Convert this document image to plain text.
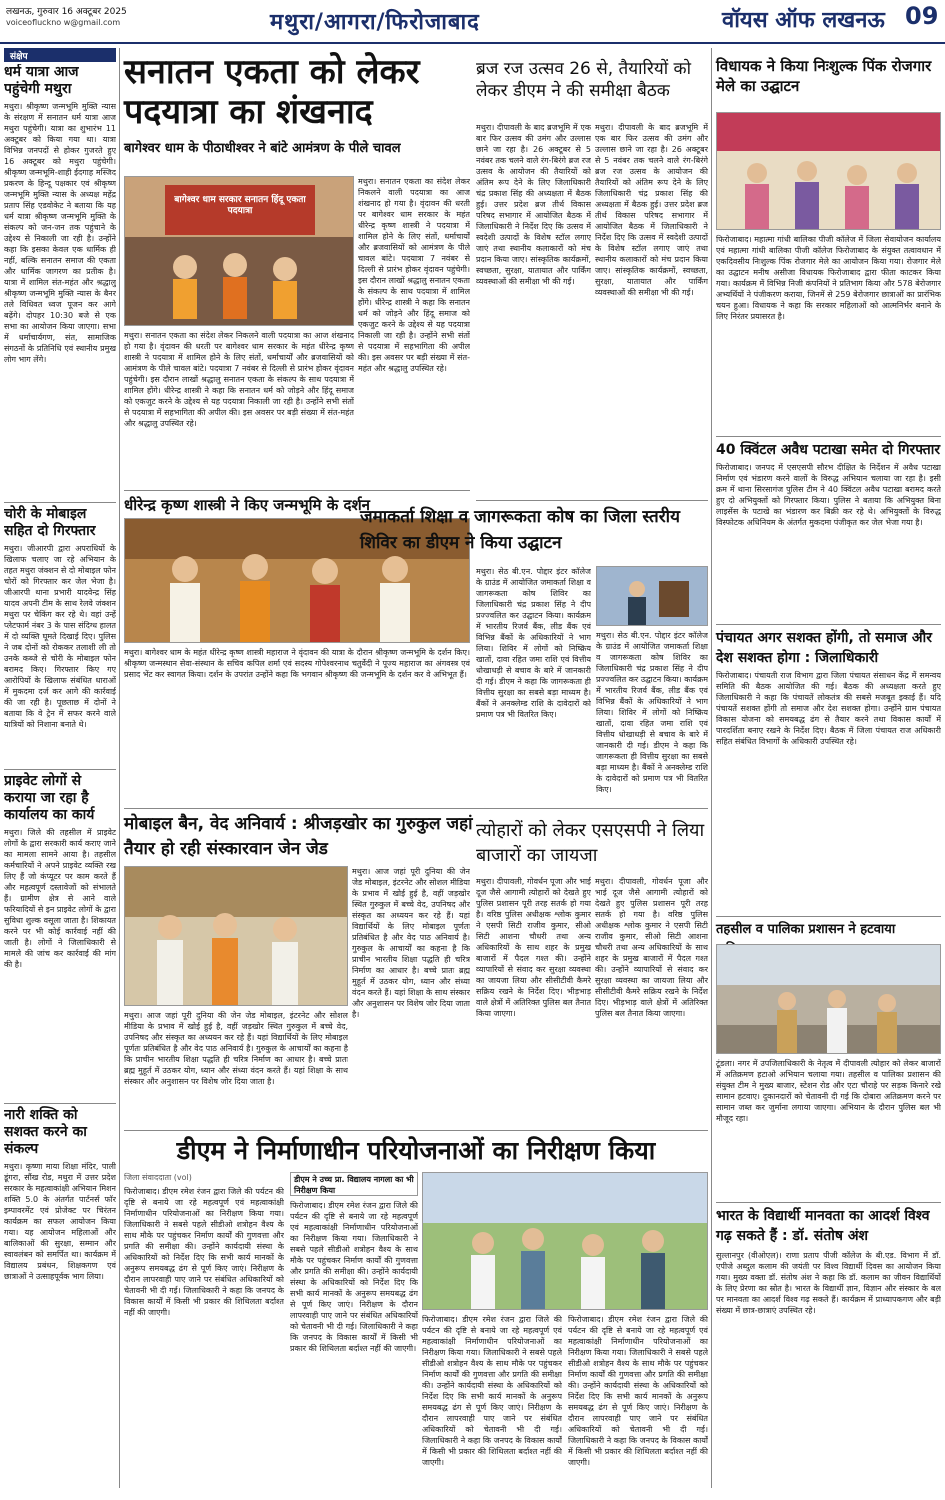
लखनऊ, गुरुवार 16 अक्टूबर 2025
voiceofluckno w@gmail.com	मथुरा/आगरा/फिरोजाबाद	वॉयस ऑफ लखनऊ 09
संक्षेप
धर्म यात्रा आज पहुंचेगी मथुरा
मथुरा। श्रीकृष्ण जन्मभूमि मुक्ति न्यास के संरक्षण में सनातन धर्म यात्रा आज मथुरा पहुंचेगी। यात्रा का शुभारंभ 11 अक्टूबर को किया गया था। यात्रा विभिन्न जनपदों से होकर गुजरते हुए 16 अक्टूबर को मथुरा पहुंचेगी। श्रीकृष्ण जन्मभूमि-शाही ईदगाह मस्जिद प्रकरण के हिन्दू पक्षकार एवं श्रीकृष्ण जन्मभूमि मुक्ति न्यास के अध्यक्ष महेंद्र प्रताप सिंह एडवोकेट ने बताया कि यह धर्म यात्रा श्रीकृष्ण जन्मभूमि मुक्ति के संकल्प को जन-जन तक पहुंचाने के उद्देश्य से निकाली जा रही है। उन्होंने कहा कि इसका केवल एक धार्मिक ही नहीं, बल्कि सनातन समाज की एकता और धार्मिक जागरण का प्रतीक है। यात्रा में शामिल संत-महंत और श्रद्धालु श्रीकृष्ण जन्मभूमि मुक्ति न्यास के बैनर तले विधिवत ध्वज पूजन कर आगे बढ़ेंगे। दोपहर 10:30 बजे से एक सभा का आयोजन किया जाएगा। सभा में धर्माचार्यगण, संत, सामाजिक संगठनों के प्रतिनिधि एवं स्थानीय प्रमुख लोग भाग लेंगे।
चोरी के मोबाइल सहित दो गिरफ्तार
मथुरा। जीआरपी द्वारा अपराधियों के खिलाफ चलाए जा रहे अभियान के तहत मथुरा जंक्शन से दो मोबाइल फोन चोरों को गिरफ्तार कर जेल भेजा है। जीआरपी थाना प्रभारी यादवेन्द्र सिंह यादव अपनी टीम के साथ रेलवे जंक्शन मथुरा पर चेकिंग कर रहे थे। वहां उन्हें प्लेटफार्म नंबर 3 के पास संदिग्ध हालत में दो व्यक्ति घूमते दिखाई दिए। पुलिस ने जब दोनों को रोककर तलाशी ली तो उनके कब्जे से चोरी के मोबाइल फोन बरामद किए। गिरफ्तार किए गए आरोपियों के खिलाफ संबंधित धाराओं में मुकदमा दर्ज कर आगे की कार्रवाई की जा रही है। पूछताछ में दोनों ने बताया कि वे ट्रेन में सफर करने वाले यात्रियों को निशाना बनाते थे।
प्राइवेट लोगों से कराया जा रहा है कार्यालय का कार्य
मथुरा। जिले की तहसील में प्राइवेट लोगों के द्वारा सरकारी कार्य कराए जाने का मामला सामने आया है। तहसील कर्मचारियों ने अपने प्राइवेट व्यक्ति रख लिए हैं जो कंप्यूटर पर काम करते हैं और महत्वपूर्ण दस्तावेजों को संभालते हैं। ग्रामीण क्षेत्र से आने वाले फरियादियों से इन प्राइवेट लोगों के द्वारा सुविधा शुल्क वसूला जाता है। शिकायत करने पर भी कोई कार्रवाई नहीं की जाती है। लोगों ने जिलाधिकारी से मामले की जांच कर कार्रवाई की मांग की है।
नारी शक्ति को सशक्त करने का संकल्प
मथुरा। कृष्णा माया शिक्षा मंदिर, पाली डूंगरा, सौंख रोड, मथुरा में उत्तर प्रदेश सरकार के महत्वाकांक्षी अभियान मिशन शक्ति 5.0 के अंतर्गत पार्टनर्स फॉर इम्पावरमेंट एवं प्रोजेक्ट पर चिरंतन कार्यक्रम का सफल आयोजन किया गया। यह आयोजन महिलाओं और बालिकाओं की सुरक्षा, सम्मान और स्वावलंबन को समर्पित था। कार्यक्रम में विद्यालय प्रबंधन, शिक्षकगण एवं छात्राओं ने उत्साहपूर्वक भाग लिया।
सनातन एकता को लेकर पदयात्रा का शंखनाद
बागेश्वर धाम के पीठाधीश्वर ने बांटे आमंत्रण के पीले चावल
बागेश्वर धाम सरकार सनातन हिंदू एकता पदयात्रा
मथुरा। सनातन एकता का संदेश लेकर निकलने वाली पदयात्रा का आज शंखनाद हो गया है। वृंदावन की धरती पर बागेश्वर धाम सरकार के महंत धीरेन्द्र कृष्ण शास्त्री ने पदयात्रा में शामिल होने के लिए संतों, धर्माचार्यों और ब्रजवासियों को आमंत्रण के पीले चावल बांटे। पदयात्रा 7 नवंबर से दिल्ली से प्रारंभ होकर वृंदावन पहुंचेगी। इस दौरान लाखों श्रद्धालु सनातन एकता के संकल्प के साथ पदयात्रा में शामिल होंगे। धीरेन्द्र शास्त्री ने कहा कि सनातन धर्म को जोड़ने और हिंदू समाज को एकजुट करने के उद्देश्य से यह पदयात्रा निकाली जा रही है। उन्होंने सभी संतों से पदयात्रा में सहभागिता की अपील की। इस अवसर पर बड़ी संख्या में संत-महंत और श्रद्धालु उपस्थित रहे।
मथुरा। सनातन एकता का संदेश लेकर निकलने वाली पदयात्रा का आज शंखनाद हो गया है। वृंदावन की धरती पर बागेश्वर धाम सरकार के महंत धीरेन्द्र कृष्ण शास्त्री ने पदयात्रा में शामिल होने के लिए संतों, धर्माचार्यों और ब्रजवासियों को आमंत्रण के पीले चावल बांटे। पदयात्रा 7 नवंबर से दिल्ली से प्रारंभ होकर वृंदावन पहुंचेगी। इस दौरान लाखों श्रद्धालु सनातन एकता के संकल्प के साथ पदयात्रा में शामिल होंगे। धीरेन्द्र शास्त्री ने कहा कि सनातन धर्म को जोड़ने और हिंदू समाज को एकजुट करने के उद्देश्य से यह पदयात्रा निकाली जा रही है। उन्होंने सभी संतों से पदयात्रा में सहभागिता की अपील की। इस अवसर पर बड़ी संख्या में संत-महंत और श्रद्धालु उपस्थित रहे।
धीरेन्द्र कृष्ण शास्त्री ने किए जन्मभूमि के दर्शन
मथुरा। बागेश्वर धाम के महंत धीरेन्द्र कृष्ण शास्त्री महाराज ने वृंदावन की यात्रा के दौरान श्रीकृष्ण जन्मभूमि के दर्शन किए। श्रीकृष्ण जन्मस्थान सेवा-संस्थान के सचिव कपिल शर्मा एवं सदस्य गोपेश्वरनाथ चतुर्वेदी ने पूज्य महाराज का अंगवस्त्र एवं प्रसाद भेंट कर स्वागत किया। दर्शन के उपरांत उन्होंने कहा कि भगवान श्रीकृष्ण की जन्मभूमि के दर्शन कर वे अभिभूत हैं।
ब्रज रज उत्सव 26 से, तैयारियों को लेकर डीएम ने की समीक्षा बैठक
मथुरा। दीपावली के बाद ब्रजभूमि में एक बार फिर उत्सव की उमंग और उल्लास छाने जा रहा है। 26 अक्टूबर से 5 नवंबर तक चलने वाले रंग-बिरंगे ब्रज रज उत्सव के आयोजन की तैयारियों को अंतिम रूप देने के लिए जिलाधिकारी चंद्र प्रकाश सिंह की अध्यक्षता में बैठक हुई। उत्तर प्रदेश ब्रज तीर्थ विकास परिषद सभागार में आयोजित बैठक में जिलाधिकारी ने निर्देश दिए कि उत्सव में स्वदेशी उत्पादों के विशेष स्टॉल लगाए जाएं तथा स्थानीय कलाकारों को मंच प्रदान किया जाए। सांस्कृतिक कार्यक्रमों, स्वच्छता, सुरक्षा, यातायात और पार्किंग व्यवस्थाओं की समीक्षा भी की गई।
मथुरा। दीपावली के बाद ब्रजभूमि में एक बार फिर उत्सव की उमंग और उल्लास छाने जा रहा है। 26 अक्टूबर से 5 नवंबर तक चलने वाले रंग-बिरंगे ब्रज रज उत्सव के आयोजन की तैयारियों को अंतिम रूप देने के लिए जिलाधिकारी चंद्र प्रकाश सिंह की अध्यक्षता में बैठक हुई। उत्तर प्रदेश ब्रज तीर्थ विकास परिषद सभागार में आयोजित बैठक में जिलाधिकारी ने निर्देश दिए कि उत्सव में स्वदेशी उत्पादों के विशेष स्टॉल लगाए जाएं तथा स्थानीय कलाकारों को मंच प्रदान किया जाए। सांस्कृतिक कार्यक्रमों, स्वच्छता, सुरक्षा, यातायात और पार्किंग व्यवस्थाओं की समीक्षा भी की गई।
जमाकर्ता शिक्षा व जागरूकता कोष का जिला स्तरीय शिविर का डीएम ने किया उद्घाटन
मथुरा। सेठ बी.एन. पोद्दार इंटर कॉलेज के ग्राउंड में आयोजित जमाकर्ता शिक्षा व जागरूकता कोष शिविर का जिलाधिकारी चंद्र प्रकाश सिंह ने दीप प्रज्ज्वलित कर उद्घाटन किया। कार्यक्रम में भारतीय रिजर्व बैंक, लीड बैंक एवं विभिन्न बैंकों के अधिकारियों ने भाग लिया। शिविर में लोगों को निष्क्रिय खातों, दावा रहित जमा राशि एवं वित्तीय धोखाधड़ी से बचाव के बारे में जानकारी दी गई। डीएम ने कहा कि जागरूकता ही वित्तीय सुरक्षा का सबसे बड़ा माध्यम है। बैंकों ने अनक्लेम्ड राशि के दावेदारों को प्रमाण पत्र भी वितरित किए।
मथुरा। सेठ बी.एन. पोद्दार इंटर कॉलेज के ग्राउंड में आयोजित जमाकर्ता शिक्षा व जागरूकता कोष शिविर का जिलाधिकारी चंद्र प्रकाश सिंह ने दीप प्रज्ज्वलित कर उद्घाटन किया। कार्यक्रम में भारतीय रिजर्व बैंक, लीड बैंक एवं विभिन्न बैंकों के अधिकारियों ने भाग लिया। शिविर में लोगों को निष्क्रिय खातों, दावा रहित जमा राशि एवं वित्तीय धोखाधड़ी से बचाव के बारे में जानकारी दी गई। डीएम ने कहा कि जागरूकता ही वित्तीय सुरक्षा का सबसे बड़ा माध्यम है। बैंकों ने अनक्लेम्ड राशि के दावेदारों को प्रमाण पत्र भी वितरित किए।
मोबाइल बैन, वेद अनिवार्य : श्रीजड़खोर का गुरुकुल जहां तैयार हो रही संस्कारवान जेन जेड
मथुरा। आज जहां पूरी दुनिया की जेन जेड मोबाइल, इंटरनेट और सोशल मीडिया के प्रभाव में खोई हुई है, वहीं जड़खोर स्थित गुरुकुल में बच्चे वेद, उपनिषद और संस्कृत का अध्ययन कर रहे हैं। यहां विद्यार्थियों के लिए मोबाइल पूर्णतः प्रतिबंधित है और वेद पाठ अनिवार्य है। गुरुकुल के आचार्यों का कहना है कि प्राचीन भारतीय शिक्षा पद्धति ही चरित्र निर्माण का आधार है। बच्चे प्रातः ब्रह्म मुहूर्त में उठकर योग, ध्यान और संध्या वंदन करते हैं। यहां शिक्षा के साथ संस्कार और अनुशासन पर विशेष जोर दिया जाता है।
मथुरा। आज जहां पूरी दुनिया की जेन जेड मोबाइल, इंटरनेट और सोशल मीडिया के प्रभाव में खोई हुई है, वहीं जड़खोर स्थित गुरुकुल में बच्चे वेद, उपनिषद और संस्कृत का अध्ययन कर रहे हैं। यहां विद्यार्थियों के लिए मोबाइल पूर्णतः प्रतिबंधित है और वेद पाठ अनिवार्य है। गुरुकुल के आचार्यों का कहना है कि प्राचीन भारतीय शिक्षा पद्धति ही चरित्र निर्माण का आधार है। बच्चे प्रातः ब्रह्म मुहूर्त में उठकर योग, ध्यान और संध्या वंदन करते हैं। यहां शिक्षा के साथ संस्कार और अनुशासन पर विशेष जोर दिया जाता है।
त्योहारों को लेकर एसएसपी ने लिया बाजारों का जायजा
मथुरा। दीपावली, गोवर्धन पूजा और भाई दूज जैसे आगामी त्योहारों को देखते हुए पुलिस प्रशासन पूरी तरह सतर्क हो गया है। वरिष्ठ पुलिस अधीक्षक श्लोक कुमार ने एसपी सिटी राजीव कुमार, सीओ सिटी आशना चौधरी तथा अन्य अधिकारियों के साथ शहर के प्रमुख बाजारों में पैदल गश्त की। उन्होंने व्यापारियों से संवाद कर सुरक्षा व्यवस्था का जायजा लिया और सीसीटीवी कैमरे सक्रिय रखने के निर्देश दिए। भीड़भाड़ वाले क्षेत्रों में अतिरिक्त पुलिस बल तैनात किया जाएगा।
मथुरा। दीपावली, गोवर्धन पूजा और भाई दूज जैसे आगामी त्योहारों को देखते हुए पुलिस प्रशासन पूरी तरह सतर्क हो गया है। वरिष्ठ पुलिस अधीक्षक श्लोक कुमार ने एसपी सिटी राजीव कुमार, सीओ सिटी आशना चौधरी तथा अन्य अधिकारियों के साथ शहर के प्रमुख बाजारों में पैदल गश्त की। उन्होंने व्यापारियों से संवाद कर सुरक्षा व्यवस्था का जायजा लिया और सीसीटीवी कैमरे सक्रिय रखने के निर्देश दिए। भीड़भाड़ वाले क्षेत्रों में अतिरिक्त पुलिस बल तैनात किया जाएगा।
डीएम ने निर्माणाधीन परियोजनाओं का निरीक्षण किया
जिला संवाददाता (vol)
फिरोजाबाद। डीएम रमेश रंजन द्वारा जिले की पर्यटन की दृष्टि से बनाये जा रहे महत्वपूर्ण एवं महत्वाकांक्षी निर्माणाधीन परियोजनाओं का निरीक्षण किया गया। जिलाधिकारी ने सबसे पहले सीडीओ शत्रोहन वैश्य के साथ मौके पर पहुंचकर निर्माण कार्यों की गुणवत्ता और प्रगति की समीक्षा की। उन्होंने कार्यदायी संस्था के अधिकारियों को निर्देश दिए कि सभी कार्य मानकों के अनुरूप समयबद्ध ढंग से पूर्ण किए जाएं। निरीक्षण के दौरान लापरवाही पाए जाने पर संबंधित अधिकारियों को चेतावनी भी दी गई। जिलाधिकारी ने कहा कि जनपद के विकास कार्यों में किसी भी प्रकार की शिथिलता बर्दाश्त नहीं की जाएगी।
डीएम ने उच्च प्रा. विद्यालय नागला का भी निरीक्षण किया
फिरोजाबाद। डीएम रमेश रंजन द्वारा जिले की पर्यटन की दृष्टि से बनाये जा रहे महत्वपूर्ण एवं महत्वाकांक्षी निर्माणाधीन परियोजनाओं का निरीक्षण किया गया। जिलाधिकारी ने सबसे पहले सीडीओ शत्रोहन वैश्य के साथ मौके पर पहुंचकर निर्माण कार्यों की गुणवत्ता और प्रगति की समीक्षा की। उन्होंने कार्यदायी संस्था के अधिकारियों को निर्देश दिए कि सभी कार्य मानकों के अनुरूप समयबद्ध ढंग से पूर्ण किए जाएं। निरीक्षण के दौरान लापरवाही पाए जाने पर संबंधित अधिकारियों को चेतावनी भी दी गई। जिलाधिकारी ने कहा कि जनपद के विकास कार्यों में किसी भी प्रकार की शिथिलता बर्दाश्त नहीं की जाएगी।
फिरोजाबाद। डीएम रमेश रंजन द्वारा जिले की पर्यटन की दृष्टि से बनाये जा रहे महत्वपूर्ण एवं महत्वाकांक्षी निर्माणाधीन परियोजनाओं का निरीक्षण किया गया। जिलाधिकारी ने सबसे पहले सीडीओ शत्रोहन वैश्य के साथ मौके पर पहुंचकर निर्माण कार्यों की गुणवत्ता और प्रगति की समीक्षा की। उन्होंने कार्यदायी संस्था के अधिकारियों को निर्देश दिए कि सभी कार्य मानकों के अनुरूप समयबद्ध ढंग से पूर्ण किए जाएं। निरीक्षण के दौरान लापरवाही पाए जाने पर संबंधित अधिकारियों को चेतावनी भी दी गई। जिलाधिकारी ने कहा कि जनपद के विकास कार्यों में किसी भी प्रकार की शिथिलता बर्दाश्त नहीं की जाएगी।
फिरोजाबाद। डीएम रमेश रंजन द्वारा जिले की पर्यटन की दृष्टि से बनाये जा रहे महत्वपूर्ण एवं महत्वाकांक्षी निर्माणाधीन परियोजनाओं का निरीक्षण किया गया। जिलाधिकारी ने सबसे पहले सीडीओ शत्रोहन वैश्य के साथ मौके पर पहुंचकर निर्माण कार्यों की गुणवत्ता और प्रगति की समीक्षा की। उन्होंने कार्यदायी संस्था के अधिकारियों को निर्देश दिए कि सभी कार्य मानकों के अनुरूप समयबद्ध ढंग से पूर्ण किए जाएं। निरीक्षण के दौरान लापरवाही पाए जाने पर संबंधित अधिकारियों को चेतावनी भी दी गई। जिलाधिकारी ने कहा कि जनपद के विकास कार्यों में किसी भी प्रकार की शिथिलता बर्दाश्त नहीं की जाएगी।
विधायक ने किया निःशुल्क पिंक रोजगार मेले का उद्घाटन
फिरोजाबाद। महात्मा गांधी बालिका पीजी कॉलेज में जिला सेवायोजन कार्यालय एवं महात्मा गांधी बालिका पीजी कॉलेज फिरोजाबाद के संयुक्त तत्वावधान में एकदिवसीय निःशुल्क पिंक रोजगार मेले का आयोजन किया गया। रोजगार मेले का उद्घाटन मनीष असीजा विधायक फिरोजाबाद द्वारा फीता काटकर किया गया। कार्यक्रम में विभिन्न निजी कंपनियों ने प्रतिभाग किया और 578 बेरोजगार अभ्यर्थियों ने पंजीकरण कराया, जिनमें से 259 बेरोजगार छात्राओं का प्रारंभिक चयन हुआ। विधायक ने कहा कि सरकार महिलाओं को आत्मनिर्भर बनाने के लिए निरंतर प्रयासरत है।
40 क्विंटल अवैध पटाखा समेत दो गिरफ्तार
फिरोजाबाद। जनपद में एसएसपी सौरभ दीक्षित के निर्देशन में अवैध पटाखा निर्माण एवं भंडारण करने वालों के विरुद्ध अभियान चलाया जा रहा है। इसी क्रम में थाना सिरसागंज पुलिस टीम ने 40 क्विंटल अवैध पटाखा बरामद करते हुए दो अभियुक्तों को गिरफ्तार किया। पुलिस ने बताया कि अभियुक्त बिना लाइसेंस के पटाखे का भंडारण कर बिक्री कर रहे थे। अभियुक्तों के विरुद्ध विस्फोटक अधिनियम के अंतर्गत मुकदमा पंजीकृत कर जेल भेजा गया है।
पंचायत अगर सशक्त होंगी, तो समाज और देश सशक्त होगा : जिलाधिकारी
फिरोजाबाद। पंचायती राज विभाग द्वारा जिला पंचायत संसाधन केंद्र में समन्वय समिति की बैठक आयोजित की गई। बैठक की अध्यक्षता करते हुए जिलाधिकारी ने कहा कि पंचायतें लोकतंत्र की सबसे मजबूत इकाई हैं। यदि पंचायतें सशक्त होंगी तो समाज और देश सशक्त होगा। उन्होंने ग्राम पंचायत विकास योजना को समयबद्ध ढंग से तैयार करने तथा विकास कार्यों में पारदर्शिता बनाए रखने के निर्देश दिए। बैठक में जिला पंचायत राज अधिकारी सहित संबंधित विभागों के अधिकारी उपस्थित रहे।
तहसील व पालिका प्रशासन ने हटवाया
टूंडला। नगर में उपजिलाधिकारी के नेतृत्व में दीपावली त्योहार को लेकर बाजारों में अतिक्रमण हटाओ अभियान चलाया गया। तहसील व पालिका प्रशासन की संयुक्त टीम ने मुख्य बाजार, स्टेशन रोड और एटा चौराहे पर सड़क किनारे रखे सामान हटवाए। दुकानदारों को चेतावनी दी गई कि दोबारा अतिक्रमण करने पर सामान जब्त कर जुर्माना लगाया जाएगा। अभियान के दौरान पुलिस बल भी मौजूद रहा।
भारत के विद्यार्थी मानवता का आदर्श विश्व गढ़ सकते हैं : डॉ. संतोष अंश
सुल्तानपुर (वीओएल)। राणा प्रताप पीजी कॉलेज के बी.एड. विभाग में डॉ. एपीजे अब्दुल कलाम की जयंती पर विश्व विद्यार्थी दिवस का आयोजन किया गया। मुख्य वक्ता डॉ. संतोष अंश ने कहा कि डॉ. कलाम का जीवन विद्यार्थियों के लिए प्रेरणा का स्रोत है। भारत के विद्यार्थी ज्ञान, विज्ञान और संस्कार के बल पर मानवता का आदर्श विश्व गढ़ सकते हैं। कार्यक्रम में प्राध्यापकगण और बड़ी संख्या में छात्र-छात्राएं उपस्थित रहे।
